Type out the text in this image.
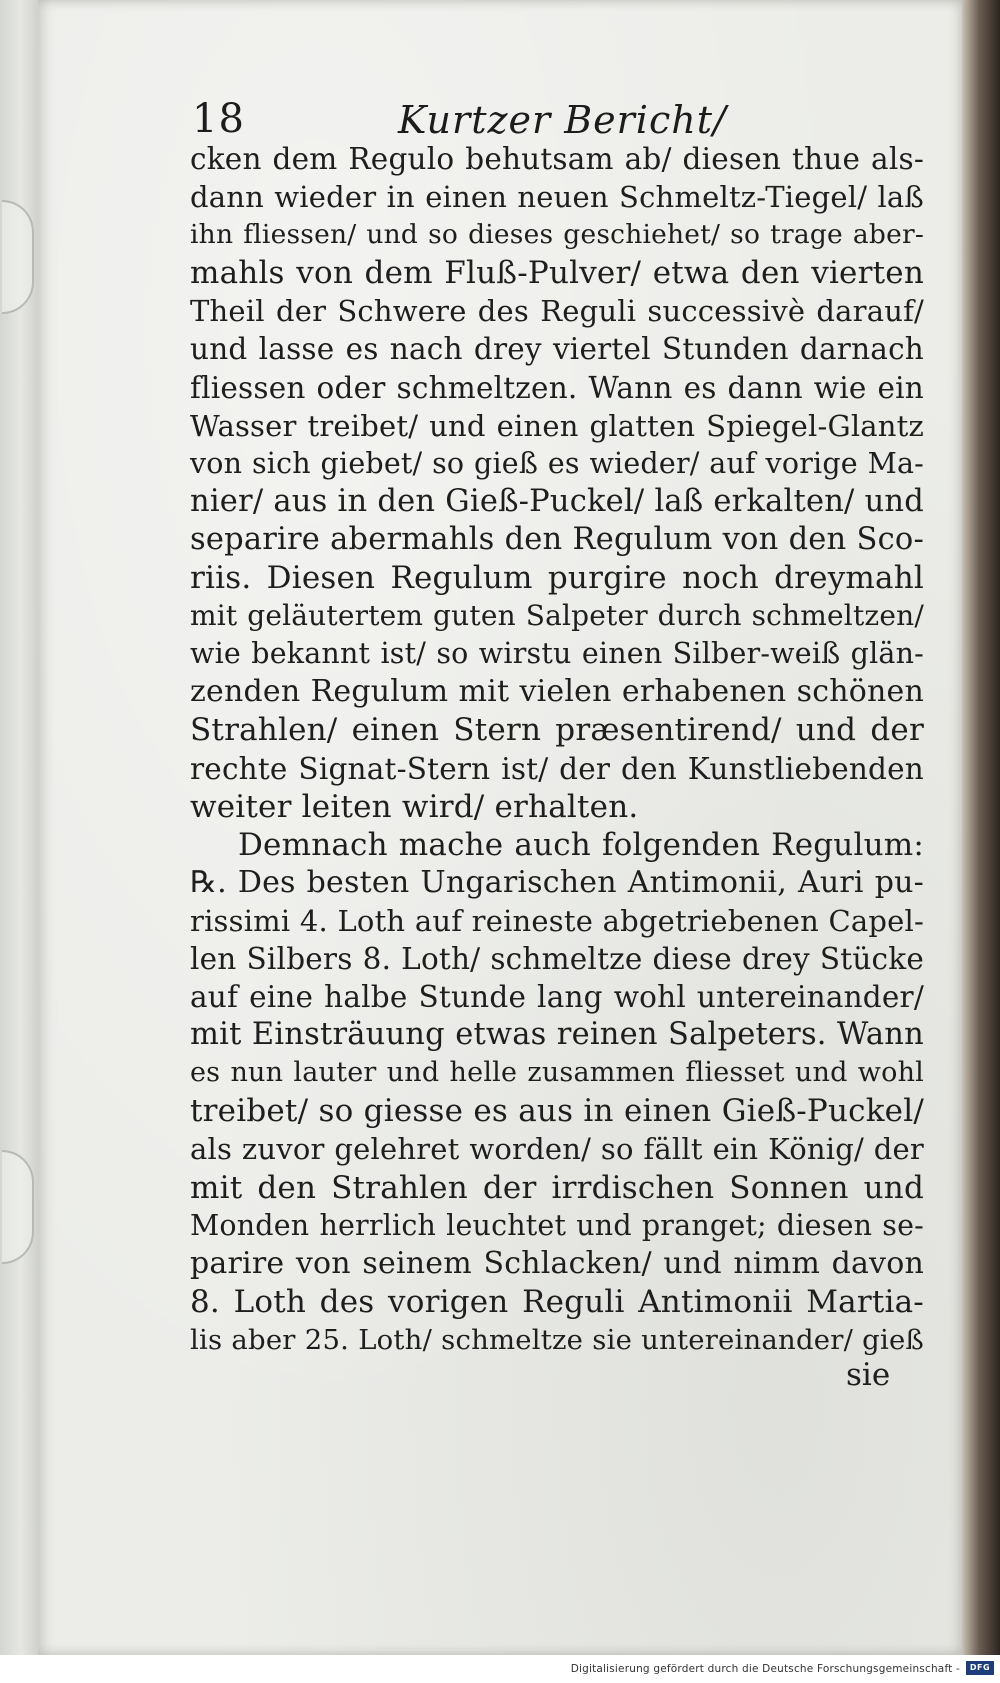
18	Kurtzer Bericht/
cken dem Regulo behutsam ab/ diesen thue als-
dann wieder in einen neuen Schmeltz-Tiegel/ laß
ihn fliessen/ und so dieses geschiehet/ so trage aber-
mahls von dem Fluß-Pulver/ etwa den vierten
Theil der Schwere des Reguli successivè darauf/
und lasse es nach drey viertel Stunden darnach
fliessen oder schmeltzen. Wann es dann wie ein
Wasser treibet/ und einen glatten Spiegel-Glantz
von sich giebet/ so gieß es wieder/ auf vorige Ma-
nier/ aus in den Gieß-Puckel/ laß erkalten/ und
separire abermahls den Regulum von den Sco-
riis. Diesen Regulum purgire noch dreymahl
mit geläutertem guten Salpeter durch schmeltzen/
wie bekannt ist/ so wirstu einen Silber-weiß glän-
zenden Regulum mit vielen erhabenen schönen
Strahlen/ einen Stern præsentirend/ und der
rechte Signat-Stern ist/ der den Kunstliebenden
weiter leiten wird/ erhalten.
Demnach mache auch folgenden Regulum:
℞. Des besten Ungarischen Antimonii, Auri pu-
rissimi 4. Loth auf reineste abgetriebenen Capel-
len Silbers 8. Loth/ schmeltze diese drey Stücke
auf eine halbe Stunde lang wohl untereinander/
mit Einsträuung etwas reinen Salpeters. Wann
es nun lauter und helle zusammen fliesset und wohl
treibet/ so giesse es aus in einen Gieß-Puckel/
als zuvor gelehret worden/ so fällt ein König/ der
mit den Strahlen der irrdischen Sonnen und
Monden herrlich leuchtet und pranget; diesen se-
parire von seinem Schlacken/ und nimm davon
8. Loth des vorigen Reguli Antimonii Martia-
lis aber 25. Loth/ schmeltze sie untereinander/ gieß
sie
Digitalisierung gefördert durch die Deutsche Forschungsgemeinschaft -	DFG
